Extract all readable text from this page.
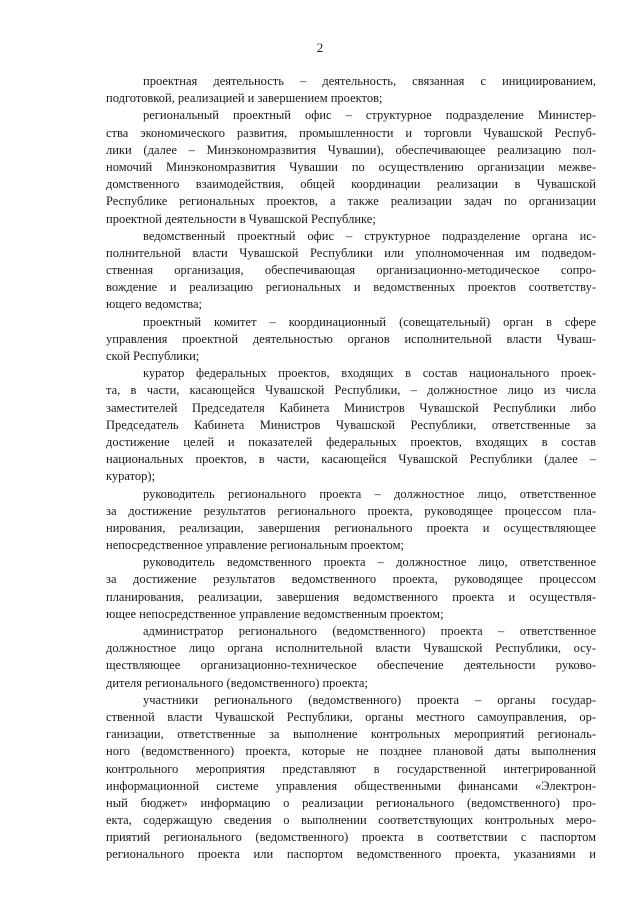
2
проектная деятельность – деятельность, связанная с инициированием,
подготовкой, реализацией и завершением проектов;
региональный проектный офис – структурное подразделение Министер-
ства экономического развития, промышленности и торговли Чувашской Респуб-
лики (далее – Минэкономразвития Чувашии), обеспечивающее реализацию пол-
номочий Минэкономразвития Чувашии по осуществлению организации межве-
домственного взаимодействия, общей координации реализации в Чувашской
Республике региональных проектов, а также реализации задач по организации
проектной деятельности в Чувашской Республике;
ведомственный проектный офис – структурное подразделение органа ис-
полнительной власти Чувашской Республики или уполномоченная им подведом-
ственная организация, обеспечивающая организационно-методическое сопро-
вождение и реализацию региональных и ведомственных проектов соответству-
ющего ведомства;
проектный комитет – координационный (совещательный) орган в сфере
управления проектной деятельностью органов исполнительной власти Чуваш-
ской Республики;
куратор федеральных проектов, входящих в состав национального проек-
та, в части, касающейся Чувашской Республики, – должностное лицо из числа
заместителей Председателя Кабинета Министров Чувашской Республики либо
Председатель Кабинета Министров Чувашской Республики, ответственные за
достижение целей и показателей федеральных проектов, входящих в состав
национальных проектов, в части, касающейся Чувашской Республики (далее –
куратор);
руководитель регионального проекта – должностное лицо, ответственное
за достижение результатов регионального проекта, руководящее процессом пла-
нирования, реализации, завершения регионального проекта и осуществляющее
непосредственное управление региональным проектом;
руководитель ведомственного проекта – должностное лицо, ответственное
за достижение результатов ведомственного проекта, руководящее процессом
планирования, реализации, завершения ведомственного проекта и осуществля-
ющее непосредственное управление ведомственным проектом;
администратор регионального (ведомственного) проекта – ответственное
должностное лицо органа исполнительной власти Чувашской Республики, осу-
ществляющее организационно-техническое обеспечение деятельности руково-
дителя регионального (ведомственного) проекта;
участники регионального (ведомственного) проекта – органы государ-
ственной власти Чувашской Республики, органы местного самоуправления, ор-
ганизации, ответственные за выполнение контрольных мероприятий региональ-
ного (ведомственного) проекта, которые не позднее плановой даты выполнения
контрольного мероприятия представляют в государственной интегрированной
информационной системе управления общественными финансами «Электрон-
ный бюджет» информацию о реализации регионального (ведомственного) про-
екта, содержащую сведения о выполнении соответствующих контрольных меро-
приятий регионального (ведомственного) проекта в соответствии с паспортом
регионального проекта или паспортом ведомственного проекта, указаниями и
